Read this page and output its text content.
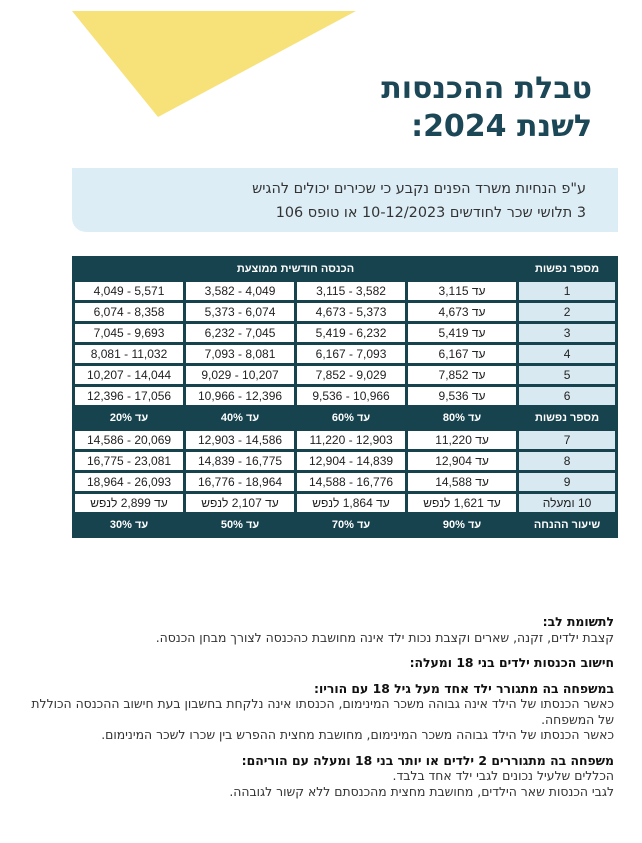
טבלת ההכנסות
לשנת 2024:
ע"פ הנחיות משרד הפנים נקבע כי שכירים יכולים להגיש
3 תלושי שכר לחודשים 10-12/2023 או טופס 106
מספר נפשות	הכנסה חודשית ממוצעת			
1	עד 3,115	3,582 - 3,115	4,049 - 3,582	5,571 - 4,049
2	עד 4,673	5,373 - 4,673	6,074 - 5,373	8,358 - 6,074
3	עד 5,419	6,232 - 5,419	7,045 - 6,232	9,693 - 7,045
4	עד 6,167	7,093 - 6,167	8,081 - 7,093	11,032 - 8,081
5	עד 7,852	9,029 - 7,852	10,207 - 9,029	14,044 - 10,207
6	עד 9,536	10,966 - 9,536	12,396 - 10,966	17,056 - 12,396
מספר נפשות	עד 80%	עד 60%	עד 40%	עד 20%
7	עד 11,220	12,903 - 11,220	14,586 - 12,903	20,069 - 14,586
8	עד 12,904	14,839 - 12,904	16,775 - 14,839	23,081 - 16,775
9	עד 14,588	16,776 - 14,588	18,964 - 16,776	26,093 - 18,964
10 ומעלה	עד 1,621 לנפש	עד 1,864 לנפש	עד 2,107 לנפש	עד 2,899 לנפש
שיעור ההנחה	עד 90%	עד 70%	עד 50%	עד 30%

לתשומת לב:

קצבת ילדים, זקנה, שארים וקצבת נכות ילד אינה מחושבת כהכנסה לצורך מבחן הכנסה.

חישוב הכנסות ילדים בני 18 ומעלה:

במשפחה בה מתגורר ילד אחד מעל גיל 18 עם הוריו:

כאשר הכנסתו של הילד אינה גבוהה משכר המינימום, הכנסתו אינה נלקחת בחשבון בעת חישוב ההכנסה הכוללת של המשפחה.

כאשר הכנסתו של הילד גבוהה משכר המינימום, מחושבת מחצית ההפרש בין שכרו לשכר המינימום.

משפחה בה מתגוררים 2 ילדים או יותר בני 18 ומעלה עם הוריהם:

הכללים שלעיל נכונים לגבי ילד אחד בלבד.

לגבי הכנסות שאר הילדים, מחושבת מחצית מהכנסתם ללא קשור לגובהה.
